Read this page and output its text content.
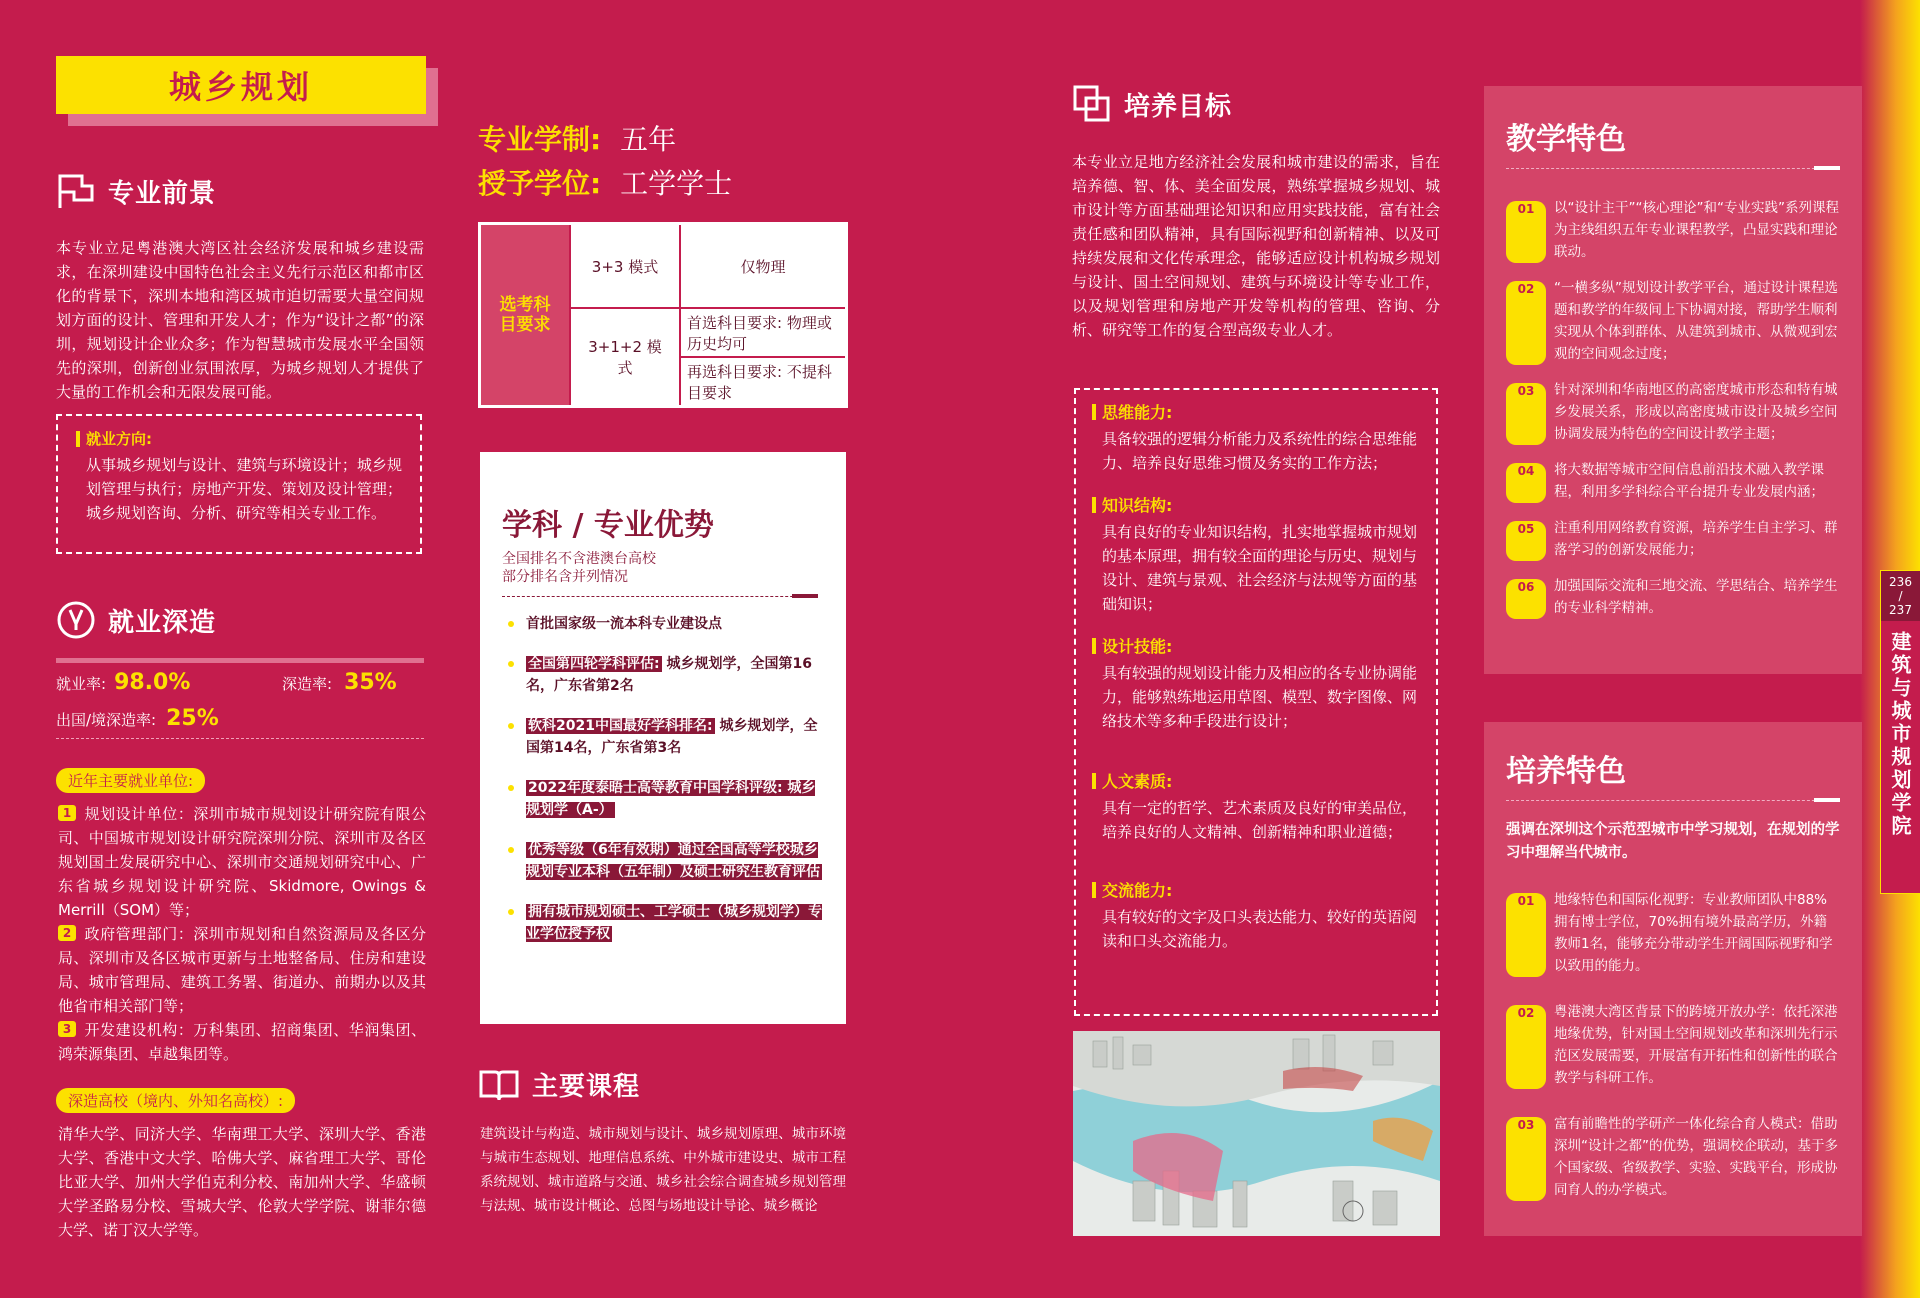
城乡规划
专业前景
本专业立足粤港澳大湾区社会经济发展和城乡建设需求，在深圳建设中国特色社会主义先行示范区和都市区化的背景下，深圳本地和湾区城市迫切需要大量空间规划方面的设计、管理和开发人才；作为“设计之都”的深圳，规划设计企业众多；作为智慧城市发展水平全国领先的深圳，创新创业氛围浓厚，为城乡规划人才提供了大量的工作机会和无限发展可能。
就业方向:
从事城乡规划与设计、建筑与环境设计；城乡规划管理与执行；房地产开发、策划及设计管理；城乡规划咨询、分析、研究等相关专业工作。
就业深造
就业率: 98.0%	深造率: 35%
出国/境深造率: 25%
近年主要就业单位:
1 规划设计单位：深圳市城市规划设计研究院有限公司、中国城市规划设计研究院深圳分院、深圳市及各区规划国土发展研究中心、深圳市交通规划研究中心、广东省城乡规划设计研究院、Skidmore, Owings & Merrill（SOM）等；
2 政府管理部门：深圳市规划和自然资源局及各区分局、深圳市及各区城市更新与土地整备局、住房和建设局、城市管理局、建筑工务署、街道办、前期办以及其他省市相关部门等；
3 开发建设机构：万科集团、招商集团、华润集团、鸿荣源集团、卓越集团等。
深造高校（境内、外知名高校）:
清华大学、同济大学、华南理工大学、深圳大学、香港大学、香港中文大学、哈佛大学、麻省理工大学、哥伦比亚大学、加州大学伯克利分校、南加州大学、华盛顿大学圣路易分校、雪城大学、伦敦大学学院、谢菲尔德大学、诺丁汉大学等。
专业学制: 五年
授予学位: 工学学士
选考科目要求	3+3 模式	仅物理
	3+1+2 模式	首选科目要求: 物理或历史均可
		再选科目要求: 不提科目要求
学科 / 专业优势
全国排名不含港澳台高校
部分排名含并列情况
首批国家级一流本科专业建设点
全国第四轮学科评估: 城乡规划学，全国第16名，广东省第2名
软科2021中国最好学科排名: 城乡规划学，全国第14名，广东省第3名
2022年度泰晤士高等教育中国学科评级: 城乡规划学（A-）
优秀等级（6年有效期）通过全国高等学校城乡规划专业本科（五年制）及硕士研究生教育评估
拥有城市规划硕士、工学硕士（城乡规划学）专业学位授予权
主要课程
建筑设计与构造、城市规划与设计、城乡规划原理、城市环境与城市生态规划、地理信息系统、中外城市建设史、城市工程系统规划、城市道路与交通、城乡社会综合调查城乡规划管理与法规、城市设计概论、总图与场地设计导论、城乡概论
培养目标
本专业立足地方经济社会发展和城市建设的需求，旨在培养德、智、体、美全面发展，熟练掌握城乡规划、城市设计等方面基础理论知识和应用实践技能，富有社会责任感和团队精神，具有国际视野和创新精神、以及可持续发展和文化传承理念，能够适应设计机构城乡规划与设计、国土空间规划、建筑与环境设计等专业工作，以及规划管理和房地产开发等机构的管理、咨询、分析、研究等工作的复合型高级专业人才。
思维能力:
具备较强的逻辑分析能力及系统性的综合思维能力、培养良好思维习惯及务实的工作方法；
知识结构:
具有良好的专业知识结构，扎实地掌握城市规划的基本原理，拥有较全面的理论与历史、规划与设计、建筑与景观、社会经济与法规等方面的基础知识；
设计技能:
具有较强的规划设计能力及相应的各专业协调能力，能够熟练地运用草图、模型、数字图像、网络技术等多种手段进行设计；
人文素质:
具有一定的哲学、艺术素质及良好的审美品位，培养良好的人文精神、创新精神和职业道德；
交流能力:
具有较好的文字及口头表达能力、较好的英语阅读和口头交流能力。
教学特色
01	以“设计主干”“核心理论”和“专业实践”系列课程为主线组织五年专业课程教学，凸显实践和理论联动。
02	“一横多纵”规划设计教学平台，通过设计课程选题和教学的年级间上下协调对接，帮助学生顺利实现从个体到群体、从建筑到城市、从微观到宏观的空间观念过度；
03	针对深圳和华南地区的高密度城市形态和特有城乡发展关系，形成以高密度城市设计及城乡空间协调发展为特色的空间设计教学主题；
04	将大数据等城市空间信息前沿技术融入教学课程，利用多学科综合平台提升专业发展内涵；
05	注重利用网络教育资源，培养学生自主学习、群落学习的创新发展能力；
06	加强国际交流和三地交流、学思结合、培养学生的专业科学精神。
培养特色
强调在深圳这个示范型城市中学习规划，在规划的学习中理解当代城市。
01	地缘特色和国际化视野：专业教师团队中88%拥有博士学位，70%拥有境外最高学历，外籍教师1名，能够充分带动学生开阔国际视野和学以致用的能力。
02	粤港澳大湾区背景下的跨境开放办学：依托深港地缘优势，针对国土空间规划改革和深圳先行示范区发展需要，开展富有开拓性和创新性的联合教学与科研工作。
03	富有前瞻性的学研产一体化综合育人模式：借助深圳“设计之都”的优势，强调校企联动，基于多个国家级、省级教学、实验、实践平台，形成协同育人的办学模式。
236
/
237
建筑与城市规划学院
